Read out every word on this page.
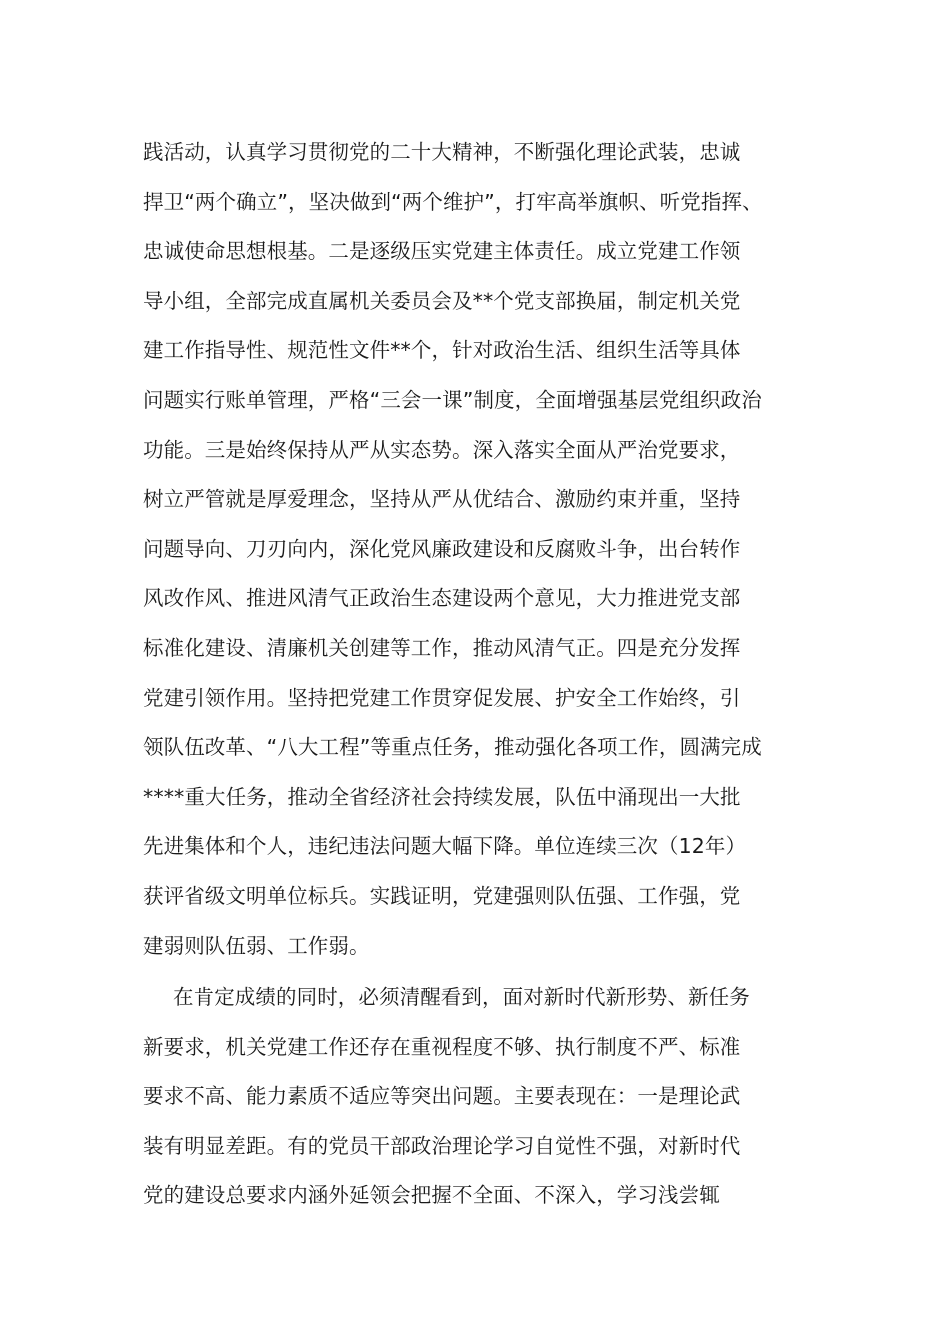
践活动，认真学习贯彻党的二十大精神，不断强化理论武装，忠诚
捍卫“两个确立”，坚决做到“两个维护”，打牢高举旗帜、听党指挥、
忠诚使命思想根基。二是逐级压实党建主体责任。成立党建工作领
导小组，全部完成直属机关委员会及**个党支部换届，制定机关党
建工作指导性、规范性文件**个，针对政治生活、组织生活等具体
问题实行账单管理，严格“三会一课”制度，全面增强基层党组织政治
功能。三是始终保持从严从实态势。深入落实全面从严治党要求，
树立严管就是厚爱理念，坚持从严从优结合、激励约束并重，坚持
问题导向、刀刃向内，深化党风廉政建设和反腐败斗争，出台转作
风改作风、推进风清气正政治生态建设两个意见，大力推进党支部
标准化建设、清廉机关创建等工作，推动风清气正。四是充分发挥
党建引领作用。坚持把党建工作贯穿促发展、护安全工作始终，引
领队伍改革、“八大工程”等重点任务，推动强化各项工作，圆满完成
****重大任务，推动全省经济社会持续发展，队伍中涌现出一大批
先进集体和个人，违纪违法问题大幅下降。单位连续三次（12年）
获评省级文明单位标兵。实践证明，党建强则队伍强、工作强，党
建弱则队伍弱、工作弱。
在肯定成绩的同时，必须清醒看到，面对新时代新形势、新任务
新要求，机关党建工作还存在重视程度不够、执行制度不严、标准
要求不高、能力素质不适应等突出问题。主要表现在：一是理论武
装有明显差距。有的党员干部政治理论学习自觉性不强，对新时代
党的建设总要求内涵外延领会把握不全面、不深入，学习浅尝辄
